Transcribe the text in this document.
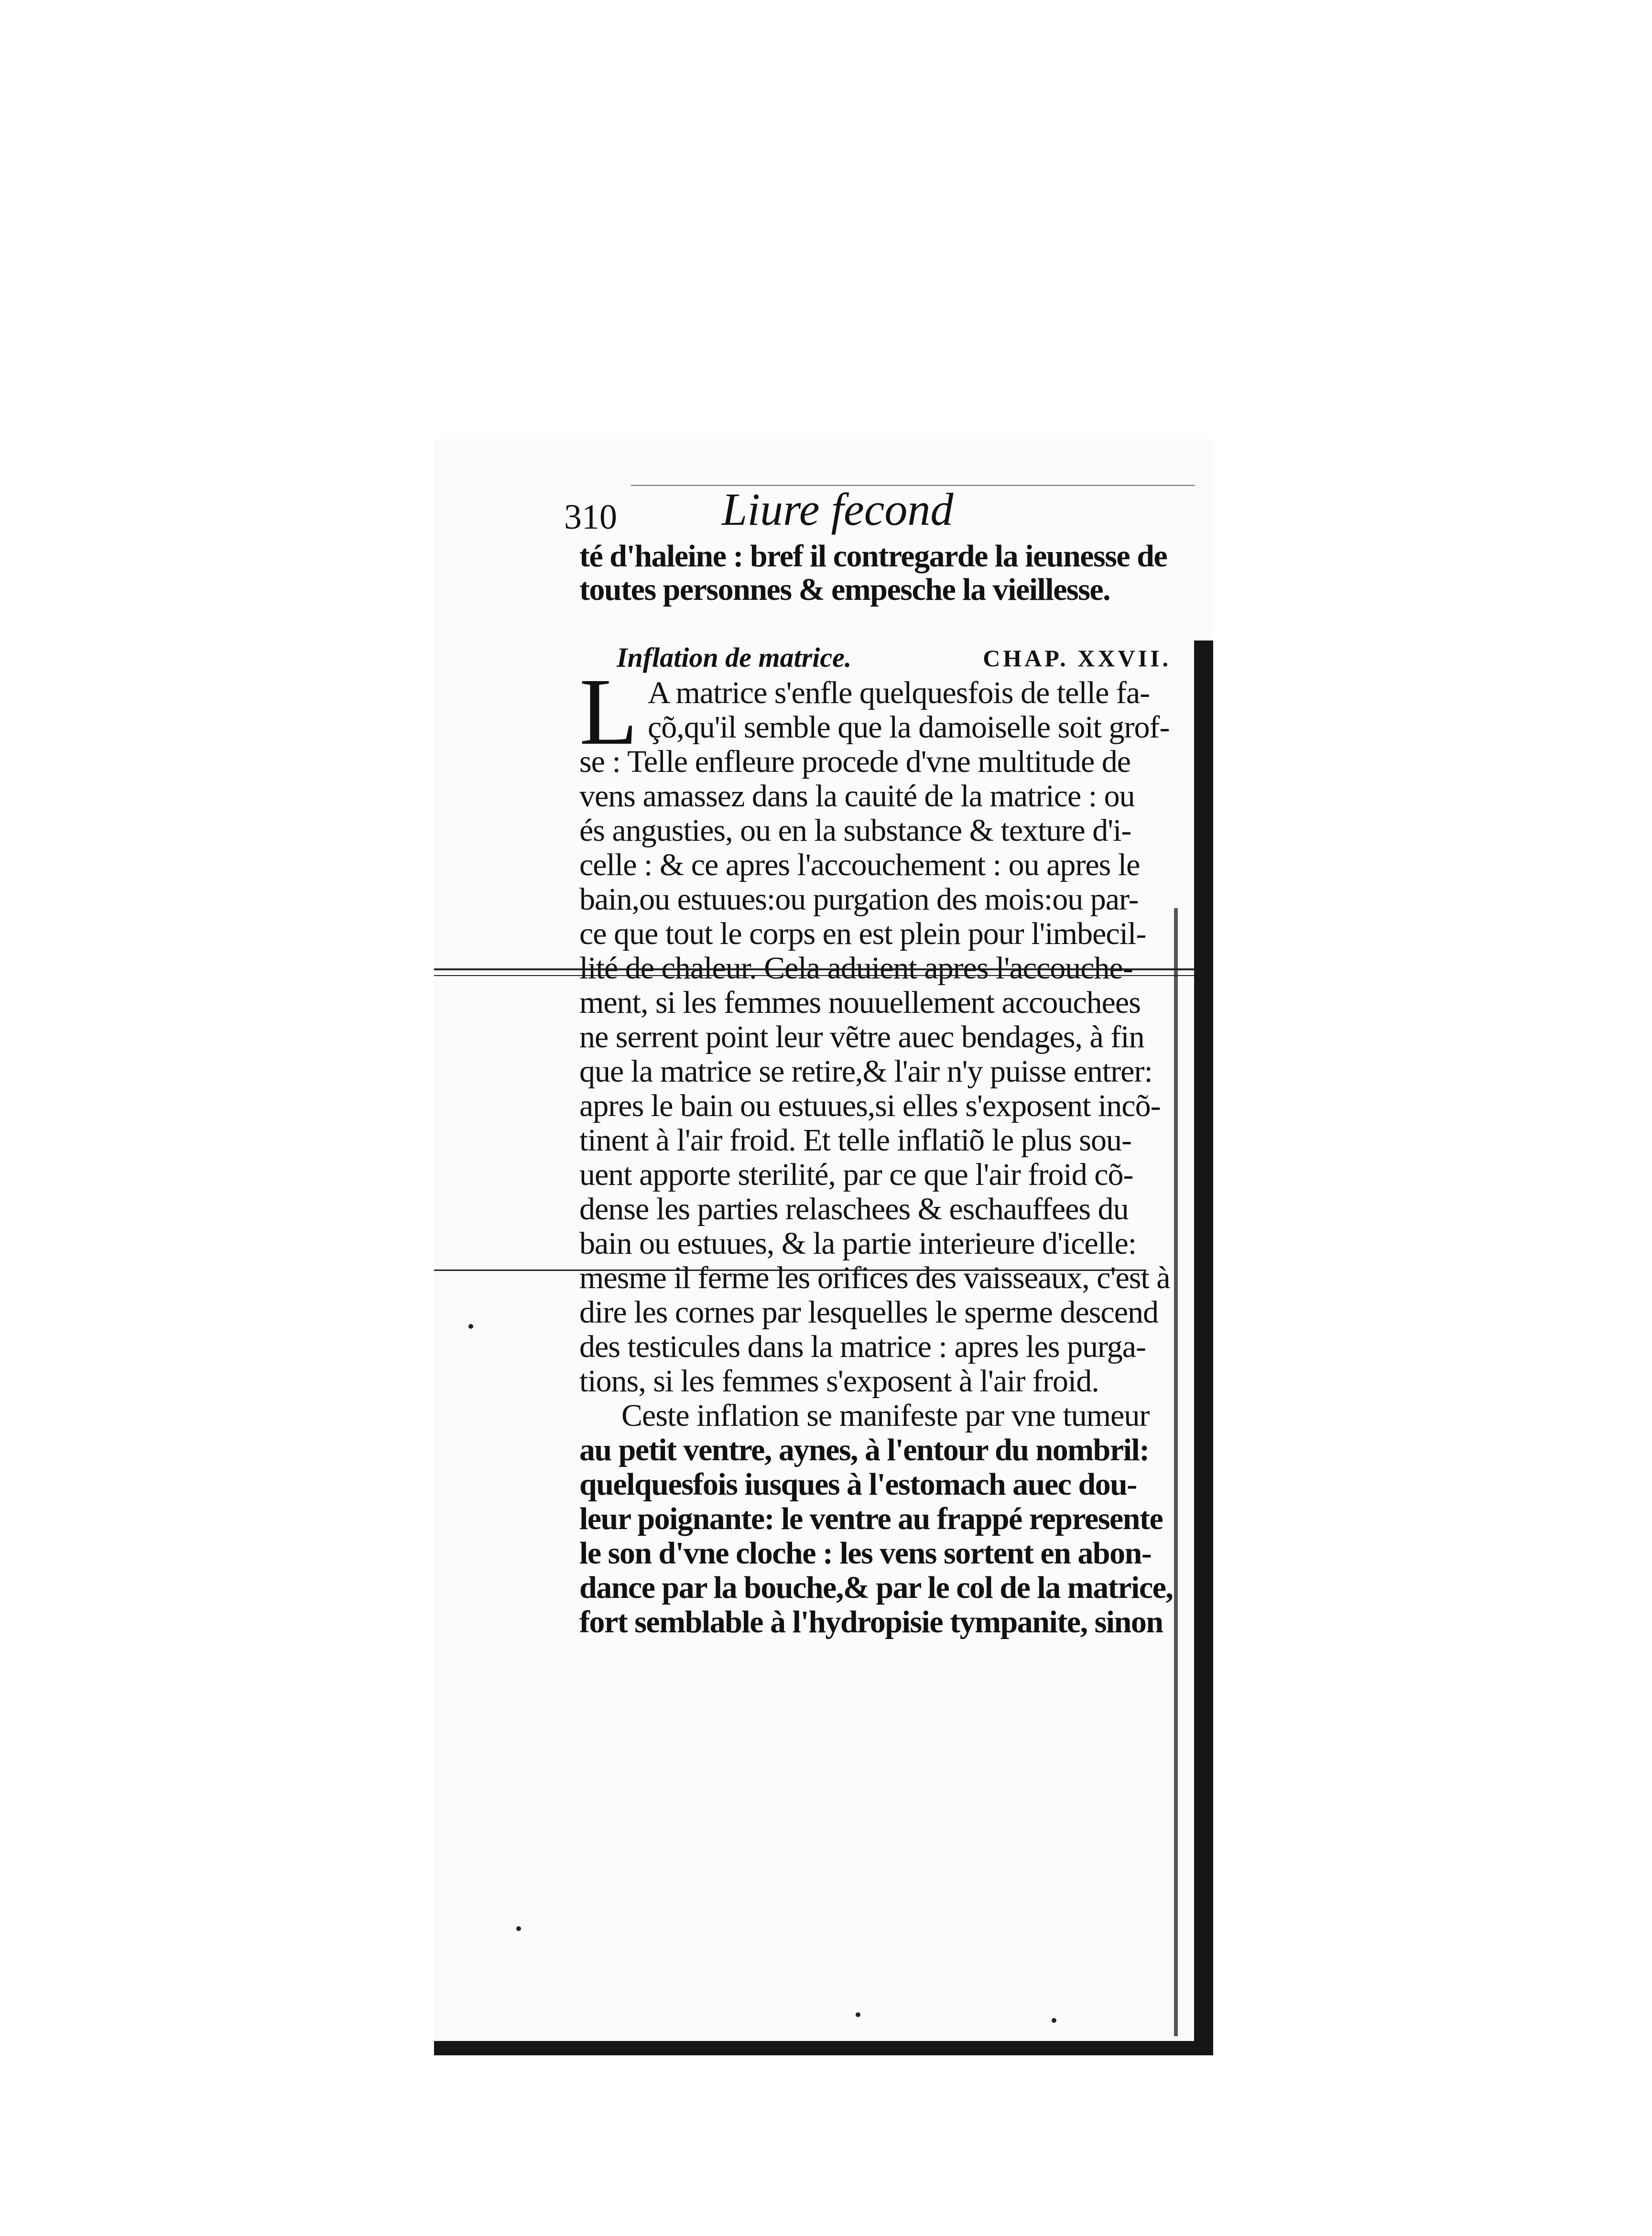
310 Liure fecond
té d'haleine : bref il contregarde la ieunesse de
toutes personnes & empesche la vieillesse.
Inflation de matrice.	CHAP. XXVII.
L A matrice s'enfle quelquesfois de telle fa-
çõ,qu'il semble que la damoiselle soit grof-
se : Telle enfleure procede d'vne multitude de
vens amassez dans la cauité de la matrice : ou
és angusties, ou en la substance & texture d'i-
celle : & ce apres l'accouchement : ou apres le
bain,ou estuues:ou purgation des mois:ou par-
ce que tout le corps en est plein pour l'imbecil-
lité de chaleur. Cela aduient apres l'accouche-
ment, si les femmes nouuellement accouchees
ne serrent point leur vẽtre auec bendages, à fin
que la matrice se retire,& l'air n'y puisse entrer:
apres le bain ou estuues,si elles s'exposent incõ-
tinent à l'air froid. Et telle inflatiõ le plus sou-
uent apporte sterilité, par ce que l'air froid cõ-
dense les parties relaschees & eschauffees du
bain ou estuues, & la partie interieure d'icelle:
mesme il ferme les orifices des vaisseaux, c'est à
dire les cornes par lesquelles le sperme descend
des testicules dans la matrice : apres les purga-
tions, si les femmes s'exposent à l'air froid.
Ceste inflation se manifeste par vne tumeur
au petit ventre, aynes, à l'entour du nombril:
quelquesfois iusques à l'estomach auec dou-
leur poignante: le ventre au frappé represente
le son d'vne cloche : les vens sortent en abon-
dance par la bouche,& par le col de la matrice,
fort semblable à l'hydropisie tympanite, sinon
